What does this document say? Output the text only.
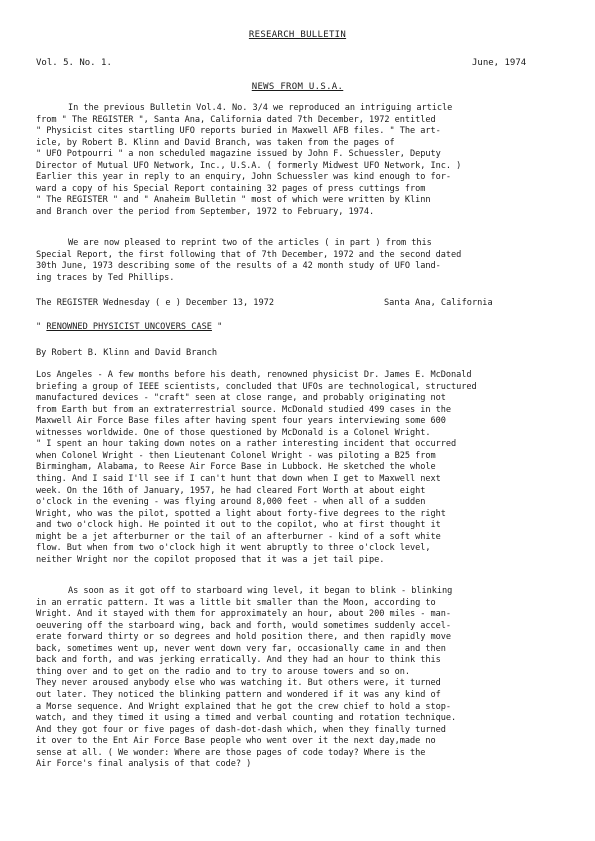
RESEARCH BULLETIN
Vol. 5. No. 1.	June, 1974
NEWS FROM U.S.A.
In the previous Bulletin Vol.4. No. 3/4 we reproduced an intriguing article
from " The REGISTER ", Santa Ana, California dated 7th December, 1972 entitled
" Physicist cites startling UFO reports buried in Maxwell AFB files. " The art-
icle, by Robert B. Klinn and David Branch, was taken from the pages of
" UFO Potpourri " a non scheduled magazine issued by John F. Schuessler, Deputy
Director of Mutual UFO Network, Inc., U.S.A. ( formerly Midwest UFO Network, Inc. )
Earlier this year in reply to an enquiry, John Schuessler was kind enough to for-
ward a copy of his Special Report containing 32 pages of press cuttings from
" The REGISTER " and " Anaheim Bulletin " most of which were written by Klinn
and Branch over the period from September, 1972 to February, 1974.
We are now pleased to reprint two of the articles ( in part ) from this
Special Report, the first following that of 7th December, 1972 and the second dated
30th June, 1973 describing some of the results of a 42 month study of UFO land-
ing traces by Ted Phillips.
The REGISTER Wednesday ( e ) December 13, 1972	Santa Ana, California
" RENOWNED PHYSICIST UNCOVERS CASE "
By Robert B. Klinn and David Branch
Los Angeles - A few months before his death, renowned physicist Dr. James E. McDonald
briefing a group of IEEE scientists, concluded that UFOs are technological, structured
manufactured devices - "craft" seen at close range, and probably originating not
from Earth but from an extraterrestrial source. McDonald studied 499 cases in the
Maxwell Air Force Base files after having spent four years interviewing some 600
witnesses worldwide. One of those questioned by McDonald is a Colonel Wright.
" I spent an hour taking down notes on a rather interesting incident that occurred
when Colonel Wright - then Lieutenant Colonel Wright - was piloting a B25 from
Birmingham, Alabama, to Reese Air Force Base in Lubbock. He sketched the whole
thing. And I said I'll see if I can't hunt that down when I get to Maxwell next
week. On the 16th of January, 1957, he had cleared Fort Worth at about eight
o'clock in the evening - was flying around 8,000 feet - when all of a sudden
Wright, who was the pilot, spotted a light about forty-five degrees to the right
and two o'clock high. He pointed it out to the copilot, who at first thought it
might be a jet afterburner or the tail of an afterburner - kind of a soft white
flow. But when from two o'clock high it went abruptly to three o'clock level,
neither Wright nor the copilot proposed that it was a jet tail pipe.
As soon as it got off to starboard wing level, it began to blink - blinking
in an erratic pattern. It was a little bit smaller than the Moon, according to
Wright. And it stayed with them for approximately an hour, about 200 miles - man-
oeuvering off the starboard wing, back and forth, would sometimes suddenly accel-
erate forward thirty or so degrees and hold position there, and then rapidly move
back, sometimes went up, never went down very far, occasionally came in and then
back and forth, and was jerking erratically. And they had an hour to think this
thing over and to get on the radio and to try to arouse towers and so on.
They never aroused anybody else who was watching it. But others were, it turned
out later. They noticed the blinking pattern and wondered if it was any kind of
a Morse sequence. And Wright explained that he got the crew chief to hold a stop-
watch, and they timed it using a timed and verbal counting and rotation technique.
And they got four or five pages of dash-dot-dash which, when they finally turned
it over to the Ent Air Force Base people who went over it the next day,made no
sense at all. ( We wonder: Where are those pages of code today? Where is the
Air Force's final analysis of that code? )
